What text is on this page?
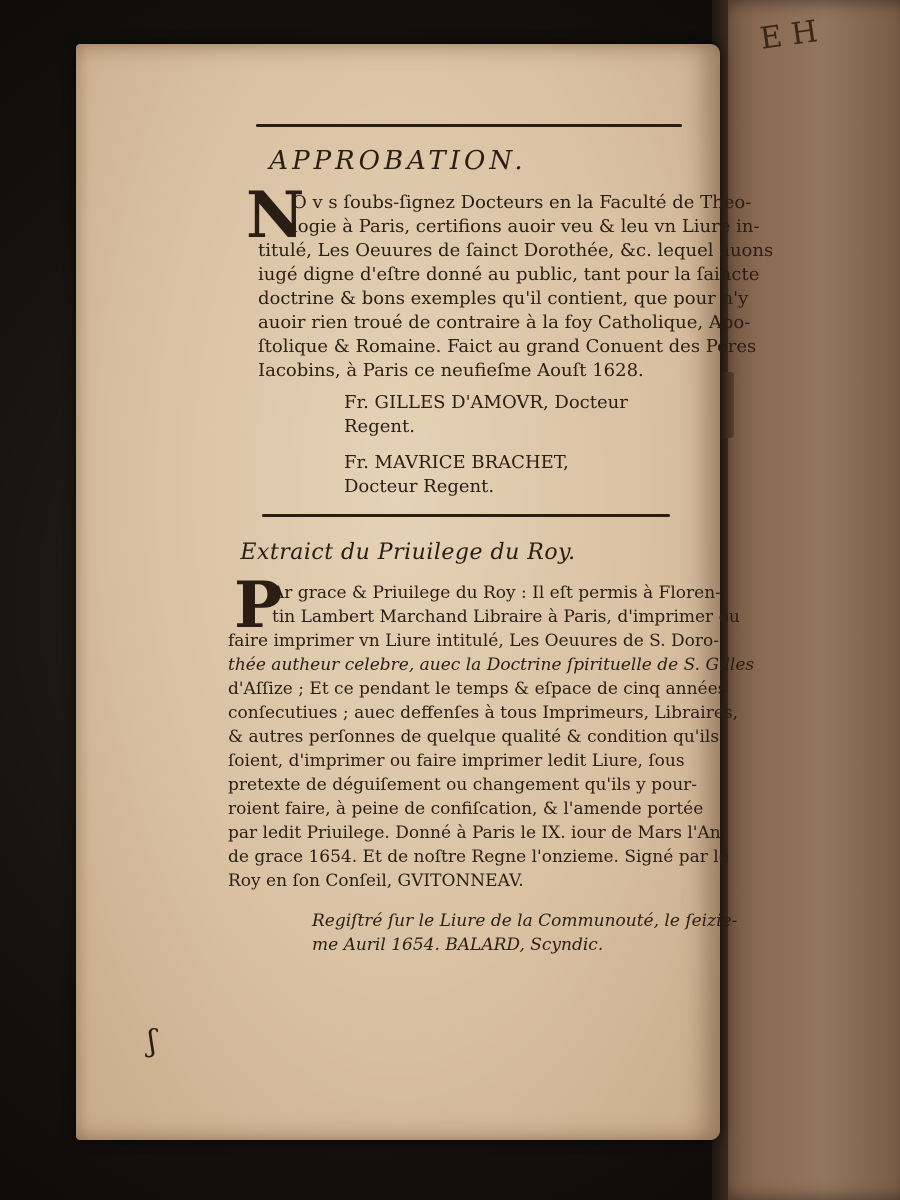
E H
APPROBATION.
N
O v s ſoubs-ſignez Docteurs en la Faculté de Theo-
logie à Paris, certifions auoir veu & leu vn Liure in-
titulé, Les Oeuures de ſainct Dorothée, &c. lequel auons
iugé digne d'eſtre donné au public, tant pour la ſaincte
doctrine & bons exemples qu'il contient, que pour n'y
auoir rien troué de contraire à la foy Catholique, Apo-
ſtolique & Romaine. Faict au grand Conuent des Peres
Iacobins, à Paris ce neufieſme Aouſt 1628.
Fr. GILLES D'AMOVR, Docteur
Regent.
Fr. MAVRICE BRACHET,
Docteur Regent.
Extraict du Priuilege du Roy.
P
Ar grace & Priuilege du Roy : Il eſt permis à Floren-
tin Lambert Marchand Libraire à Paris, d'imprimer ou
faire imprimer vn Liure intitulé, Les Oeuures de S. Doro-
thée autheur celebre, auec la Doctrine ſpirituelle de S. Gilles
d'Aſſize ; Et ce pendant le temps & eſpace de cinq années
conſecutiues ; auec deffenſes à tous Imprimeurs, Libraires,
& autres perſonnes de quelque qualité & condition qu'ils
ſoient, d'imprimer ou faire imprimer ledit Liure, ſous
pretexte de déguiſement ou changement qu'ils y pour-
roient faire, à peine de confiſcation, & l'amende portée
par ledit Priuilege. Donné à Paris le IX. iour de Mars l'An
de grace 1654. Et de noſtre Regne l'onzieme. Signé par le
Roy en ſon Conſeil, GVITONNEAV.
Regiſtré ſur le Liure de la Communouté, le ſeizie-
me Auril 1654. BALARD, Scyndic.
ʃ
